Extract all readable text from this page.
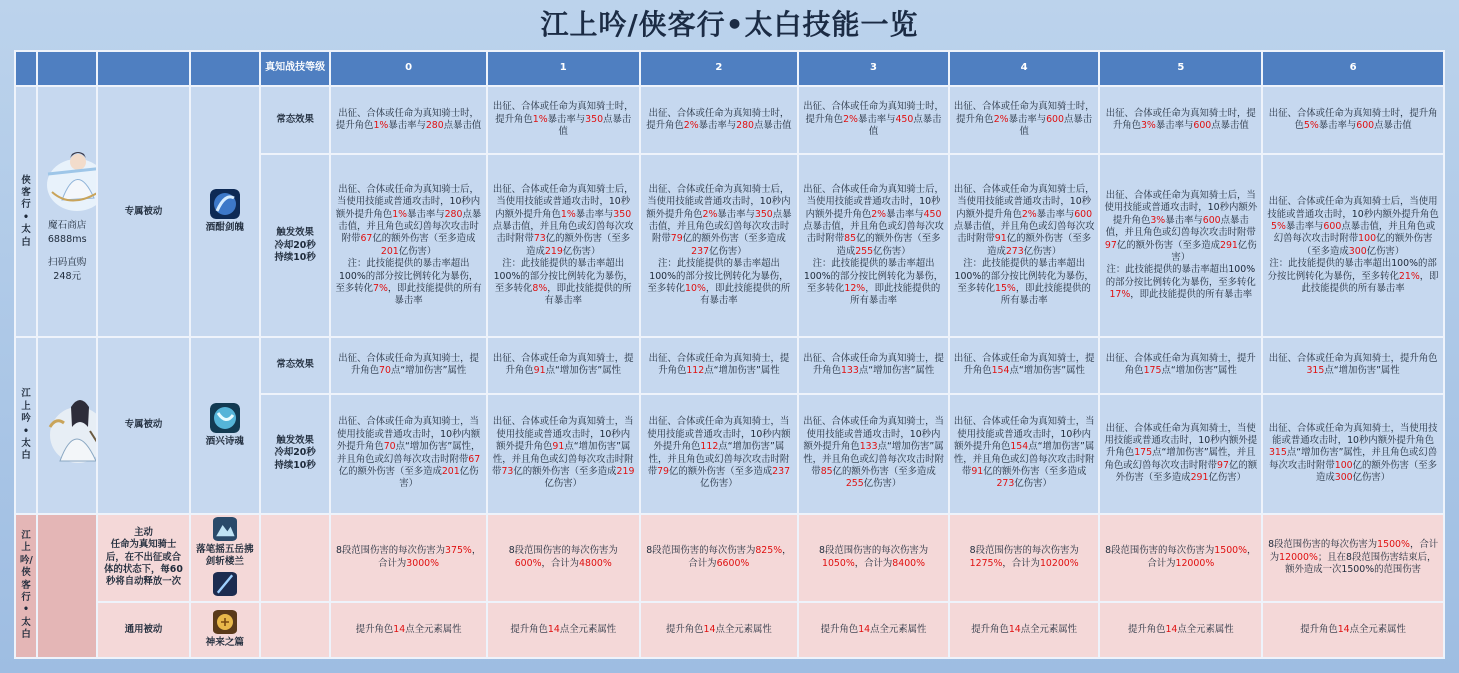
江上吟/侠客行•太白技能一览
				真知战技等级	0	1	2	3	4	5	6
侠客行•太白	魔石商店
6888ms
扫码直购
248元	专属被动	酒酣剑魄	常态效果	出征、合体或任命为真知骑士时，提升角色1%暴击率与280点暴击值	出征、合体或任命为真知骑士时，提升角色1%暴击率与350点暴击值	出征、合体或任命为真知骑士时，提升角色2%暴击率与280点暴击值	出征、合体或任命为真知骑士时，提升角色2%暴击率与450点暴击值	出征、合体或任命为真知骑士时，提升角色2%暴击率与600点暴击值	出征、合体或任命为真知骑士时，提升角色3%暴击率与600点暴击值	出征、合体或任命为真知骑士时，提升角色5%暴击率与600点暴击值

				触发效果
冷却20秒
持续10秒	出征、合体或任命为真知骑士后，当使用技能或普通攻击时，10秒内额外提升角色1%暴击率与280点暴击值，并且角色或幻兽每次攻击时附带67亿的额外伤害（至多造成201亿伤害）
注：此技能提供的暴击率超出100%的部分按比例转化为暴伤，至多转化7%，即此技能提供的所有暴击率	出征、合体或任命为真知骑士后，当使用技能或普通攻击时，10秒内额外提升角色1%暴击率与350点暴击值，并且角色或幻兽每次攻击时附带73亿的额外伤害（至多造成219亿伤害）
注：此技能提供的暴击率超出100%的部分按比例转化为暴伤，至多转化8%，即此技能提供的所有暴击率	出征、合体或任命为真知骑士后，当使用技能或普通攻击时，10秒内额外提升角色2%暴击率与350点暴击值，并且角色或幻兽每次攻击时附带79亿的额外伤害（至多造成237亿伤害）
注：此技能提供的暴击率超出100%的部分按比例转化为暴伤，至多转化10%，即此技能提供的所有暴击率	出征、合体或任命为真知骑士后，当使用技能或普通攻击时，10秒内额外提升角色2%暴击率与450点暴击值，并且角色或幻兽每次攻击时附带85亿的额外伤害（至多造成255亿伤害）
注：此技能提供的暴击率超出100%的部分按比例转化为暴伤，至多转化12%，即此技能提供的所有暴击率	出征、合体或任命为真知骑士后，当使用技能或普通攻击时，10秒内额外提升角色2%暴击率与600点暴击值，并且角色或幻兽每次攻击时附带91亿的额外伤害（至多造成273亿伤害）
注：此技能提供的暴击率超出100%的部分按比例转化为暴伤，至多转化15%，即此技能提供的所有暴击率	出征、合体或任命为真知骑士后，当使用技能或普通攻击时，10秒内额外提升角色3%暴击率与600点暴击值，并且角色或幻兽每次攻击时附带97亿的额外伤害（至多造成291亿伤害）
注：此技能提供的暴击率超出100%的部分按比例转化为暴伤，至多转化17%，即此技能提供的所有暴击率	出征、合体或任命为真知骑士后，当使用技能或普通攻击时，10秒内额外提升角色5%暴击率与600点暴击值，并且角色或幻兽每次攻击时附带100亿的额外伤害（至多造成300亿伤害）
注：此技能提供的暴击率超出100%的部分按比例转化为暴伤，至多转化21%，即此技能提供的所有暴击率
江上吟•太白		专属被动	酒兴诗魂	常态效果	出征、合体或任命为真知骑士，提升角色70点“增加伤害”属性	出征、合体或任命为真知骑士，提升角色91点“增加伤害”属性	出征、合体或任命为真知骑士，提升角色112点“增加伤害”属性	出征、合体或任命为真知骑士，提升角色133点“增加伤害”属性	出征、合体或任命为真知骑士，提升角色154点“增加伤害”属性	出征、合体或任命为真知骑士，提升角色175点“增加伤害”属性	出征、合体或任命为真知骑士，提升角色315点“增加伤害”属性

				触发效果
冷却20秒
持续10秒	出征、合体或任命为真知骑士，当使用技能或普通攻击时，10秒内额外提升角色70点“增加伤害”属性，并且角色或幻兽每次攻击时附带67亿的额外伤害（至多造成201亿伤害）	出征、合体或任命为真知骑士，当使用技能或普通攻击时，10秒内额外提升角色91点“增加伤害”属性，并且角色或幻兽每次攻击时附带73亿的额外伤害（至多造成219亿伤害）	出征、合体或任命为真知骑士，当使用技能或普通攻击时，10秒内额外提升角色112点“增加伤害”属性，并且角色或幻兽每次攻击时附带79亿的额外伤害（至多造成237亿伤害）	出征、合体或任命为真知骑士，当使用技能或普通攻击时，10秒内额外提升角色133点“增加伤害”属性，并且角色或幻兽每次攻击时附带85亿的额外伤害（至多造成255亿伤害）	出征、合体或任命为真知骑士，当使用技能或普通攻击时，10秒内额外提升角色154点“增加伤害”属性，并且角色或幻兽每次攻击时附带91亿的额外伤害（至多造成273亿伤害）	出征、合体或任命为真知骑士，当使用技能或普通攻击时，10秒内额外提升角色175点“增加伤害”属性，并且角色或幻兽每次攻击时附带97亿的额外伤害（至多造成291亿伤害）	出征、合体或任命为真知骑士，当使用技能或普通攻击时，10秒内额外提升角色315点“增加伤害”属性，并且角色或幻兽每次攻击时附带100亿的额外伤害（至多造成300亿伤害）
江上吟/侠客行•太白		主动
任命为真知骑士后，在不出征或合体的状态下，每60秒将自动释放一次	落笔摇五岳拂剑斩楼兰		8段范围伤害的每次伤害为375%，合计为3000%	8段范围伤害的每次伤害为600%，合计为4800%	8段范围伤害的每次伤害为825%，合计为6600%	8段范围伤害的每次伤害为1050%，合计为8400%	8段范围伤害的每次伤害为1275%，合计为10200%	8段范围伤害的每次伤害为1500%，合计为12000%	8段范围伤害的每次伤害为1500%，合计为12000%；且在8段范围伤害结束后，额外造成一次1500%的范围伤害
		通用被动	神来之篇		提升角色14点全元素属性	提升角色14点全元素属性	提升角色14点全元素属性	提升角色14点全元素属性	提升角色14点全元素属性	提升角色14点全元素属性	提升角色14点全元素属性
